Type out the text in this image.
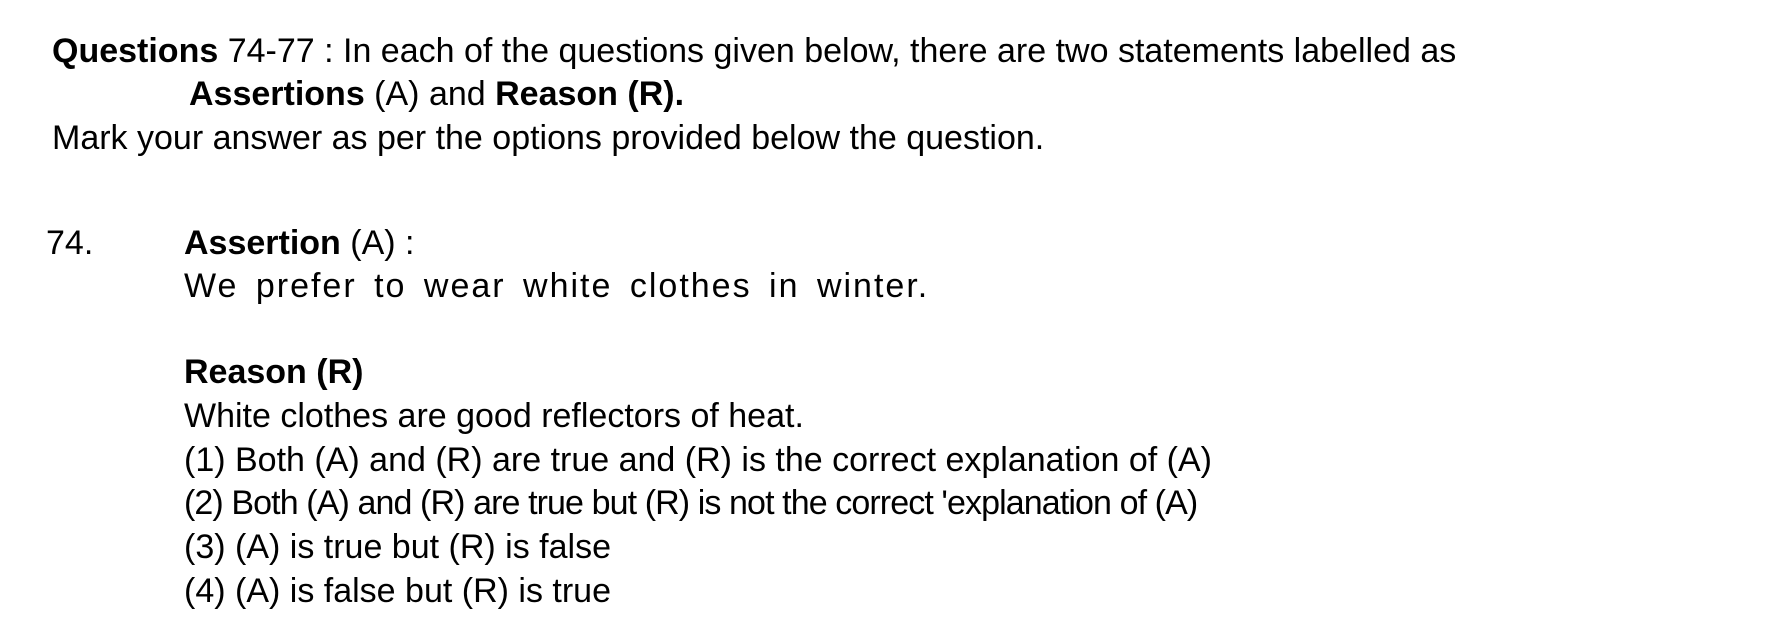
Questions 74-77 : In each of the questions given below, there are two statements labelled as
Assertions (A) and Reason (R).
Mark your answer as per the options provided below the question.
74.	Assertion (A) :
We prefer to wear white clothes in winter.
Reason (R)
White clothes are good reflectors of heat.
(1) Both (A) and (R) are true and (R) is the correct explanation of (A)
(2) Both (A) and (R) are true but (R) is not the correct 'explanation of (A)
(3) (A) is true but (R) is false
(4) (A) is false but (R) is true
